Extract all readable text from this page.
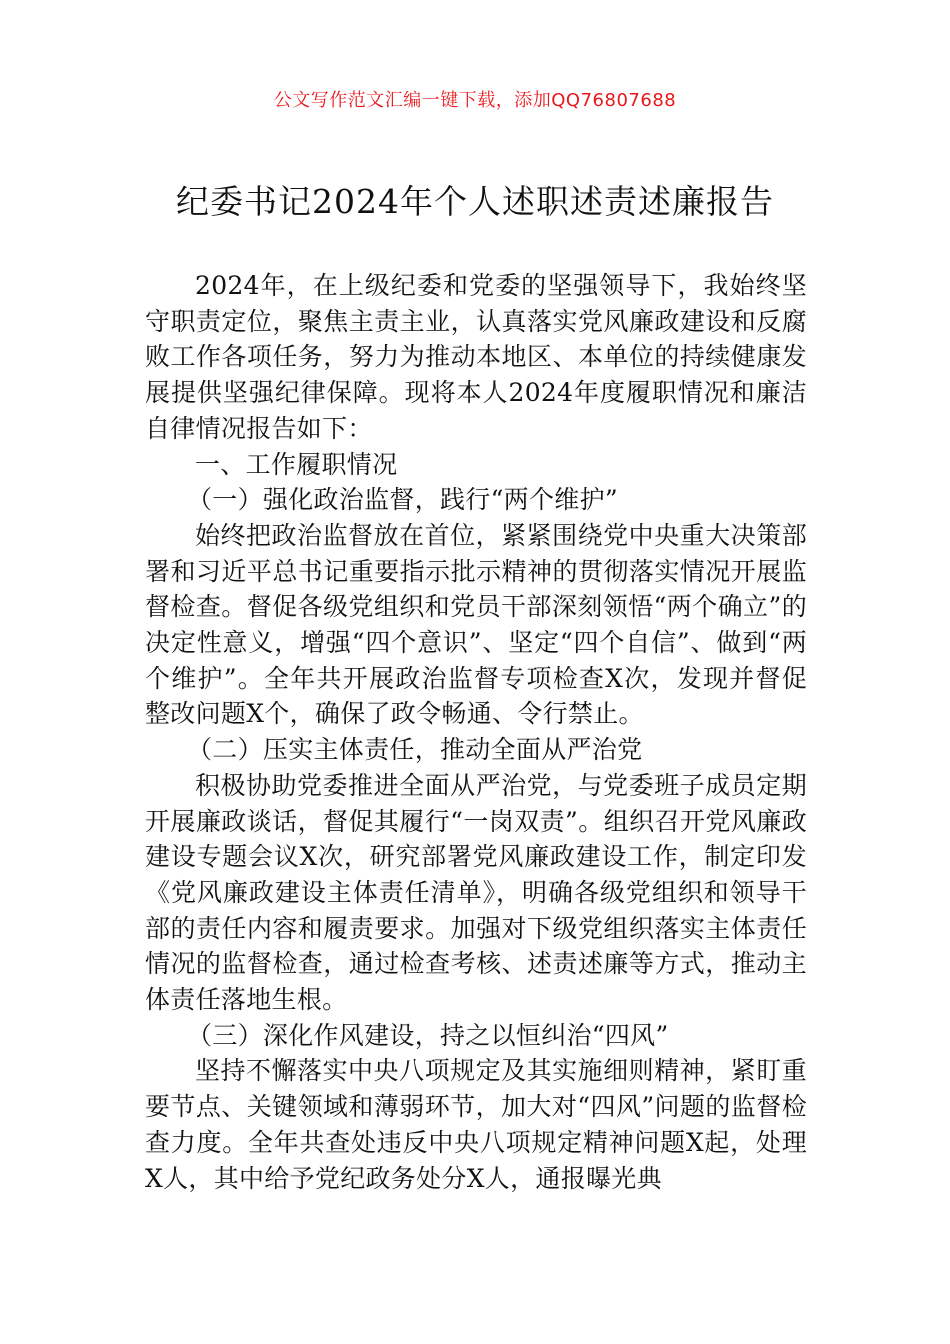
公文写作范文汇编一键下载，添加QQ76807688
纪委书记2024年个人述职述责述廉报告

2024年，在上级纪委和党委的坚强领导下，我始终坚守职责定位，聚焦主责主业，认真落实党风廉政建设和反腐败工作各项任务，努力为推动本地区、本单位的持续健康发展提供坚强纪律保障。现将本人2024年度履职情况和廉洁自律情况报告如下：

一、工作履职情况

（一）强化政治监督，践行“两个维护”

始终把政治监督放在首位，紧紧围绕党中央重大决策部署和习近平总书记重要指示批示精神的贯彻落实情况开展监督检查。督促各级党组织和党员干部深刻领悟“两个确立”的决定性意义，增强“四个意识”、坚定“四个自信”、做到“两个维护”。全年共开展政治监督专项检查X次，发现并督促整改问题X个，确保了政令畅通、令行禁止。

（二）压实主体责任，推动全面从严治党

积极协助党委推进全面从严治党，与党委班子成员定期开展廉政谈话，督促其履行“一岗双责”。组织召开党风廉政建设专题会议X次，研究部署党风廉政建设工作，制定印发《党风廉政建设主体责任清单》，明确各级党组织和领导干部的责任内容和履责要求。加强对下级党组织落实主体责任情况的监督检查，通过检查考核、述责述廉等方式，推动主体责任落地生根。

（三）深化作风建设，持之以恒纠治“四风”

坚持不懈落实中央八项规定及其实施细则精神，紧盯重要节点、关键领域和薄弱环节，加大对“四风”问题的监督检查力度。全年共查处违反中央八项规定精神问题X起，处理X人，其中给予党纪政务处分X人，通报曝光典
